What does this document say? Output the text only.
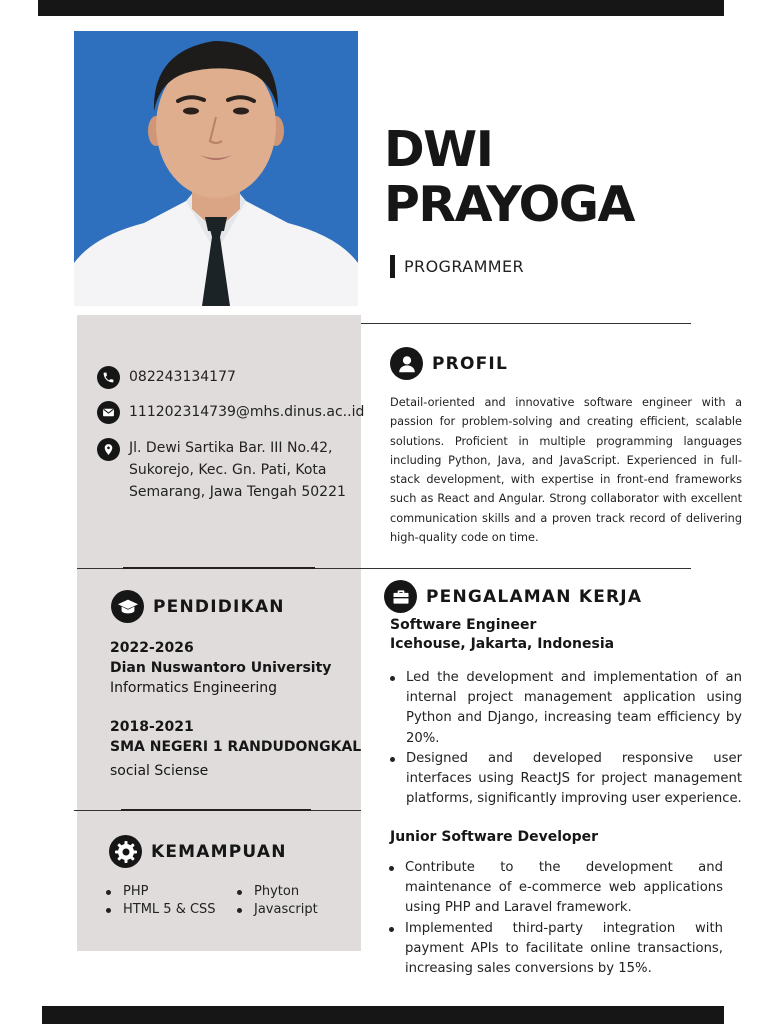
DWI
PRAYOGA
PROGRAMMER
082243134177
111202314739@mhs.dinus.ac..id
Jl. Dewi Sartika Bar. III No.42,
Sukorejo, Kec. Gn. Pati, Kota
Semarang, Jawa Tengah 50221
PROFIL
Detail-oriented and innovative software engineer with a passion for problem-solving and creating efficient, scalable solutions. Proficient in multiple programming languages including Python, Java, and JavaScript. Experienced in full-stack development, with expertise in front-end frameworks such as React and Angular. Strong collaborator with excellent communication skills and a proven track record of delivering high-quality code on time.
PENDIDIKAN
2022-2026
Dian Nuswantoro University
Informatics Engineering
2018-2021
SMA NEGERI 1 RANDUDONGKAL
social Sciense
KEMAMPUAN
PHP
HTML 5 & CSS
Phyton
Javascript
PENGALAMAN KERJA
Software Engineer
Icehouse, Jakarta, Indonesia
Led the development and implementation of an internal project management application using Python and Django, increasing team efficiency by 20%.
Designed and developed responsive user interfaces using ReactJS for project management platforms, significantly improving user experience.
Junior Software Developer
Contribute to the development and maintenance of e-commerce web applications using PHP and Laravel framework.
Implemented third-party integration with payment APIs to facilitate online transactions, increasing sales conversions by 15%.
